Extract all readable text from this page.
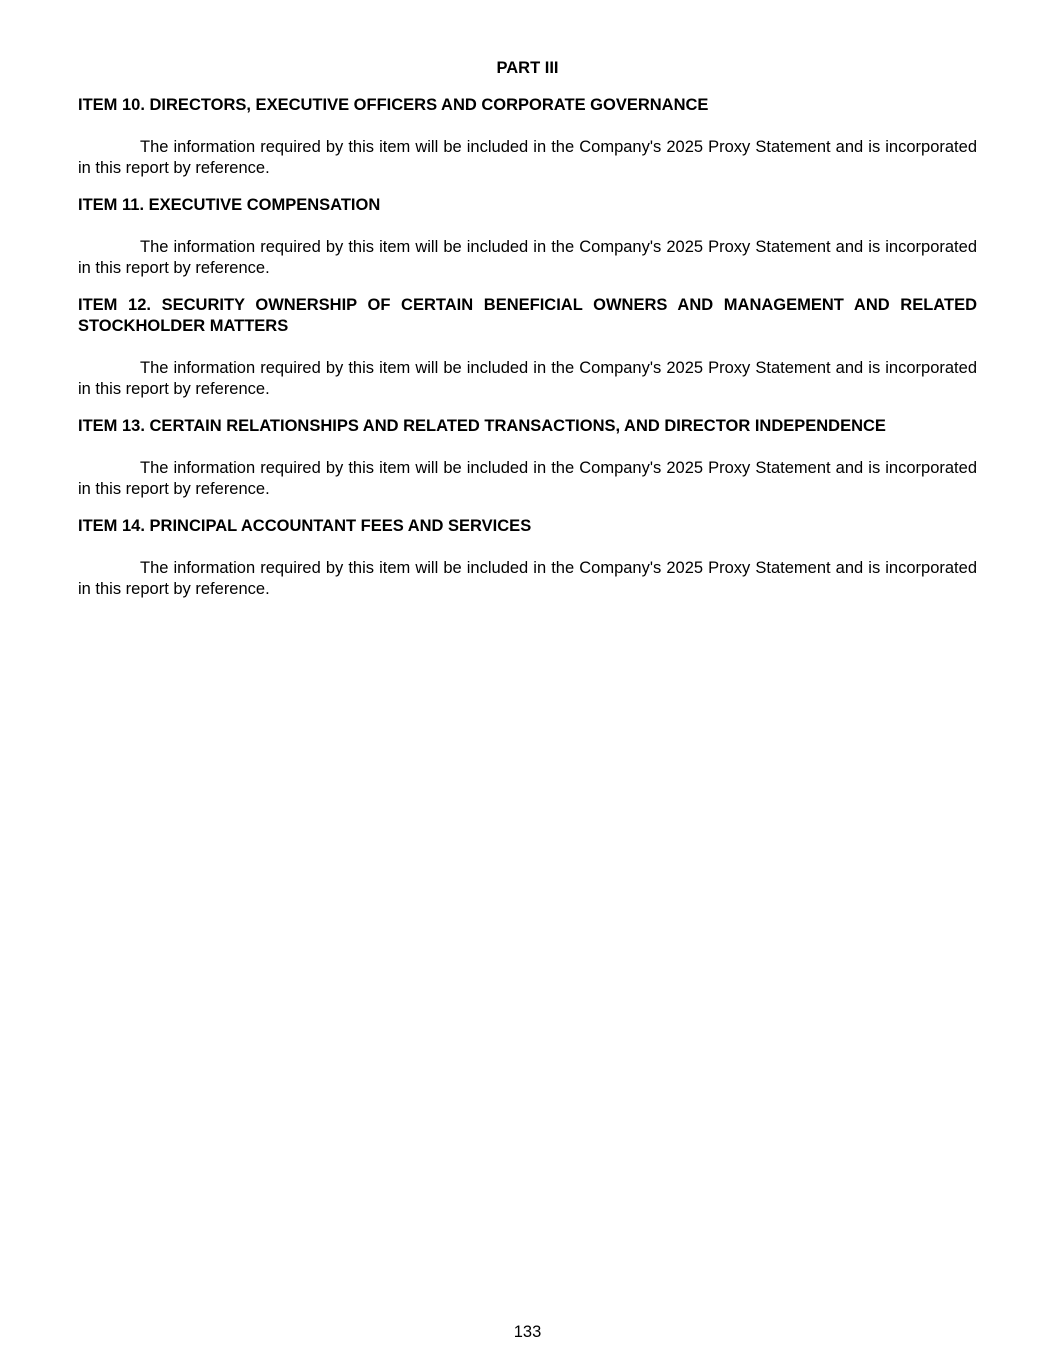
PART III
ITEM 10. DIRECTORS, EXECUTIVE OFFICERS AND CORPORATE GOVERNANCE

The information required by this item will be included in the Company's 2025 Proxy Statement and is incorporated in this report by reference.

ITEM 11. EXECUTIVE COMPENSATION

The information required by this item will be included in the Company's 2025 Proxy Statement and is incorporated in this report by reference.

ITEM 12. SECURITY OWNERSHIP OF CERTAIN BENEFICIAL OWNERS AND MANAGEMENT AND RELATED STOCKHOLDER MATTERS

The information required by this item will be included in the Company's 2025 Proxy Statement and is incorporated in this report by reference.

ITEM 13. CERTAIN RELATIONSHIPS AND RELATED TRANSACTIONS, AND DIRECTOR INDEPENDENCE

The information required by this item will be included in the Company's 2025 Proxy Statement and is incorporated in this report by reference.

ITEM 14. PRINCIPAL ACCOUNTANT FEES AND SERVICES

The information required by this item will be included in the Company's 2025 Proxy Statement and is incorporated in this report by reference.

133
